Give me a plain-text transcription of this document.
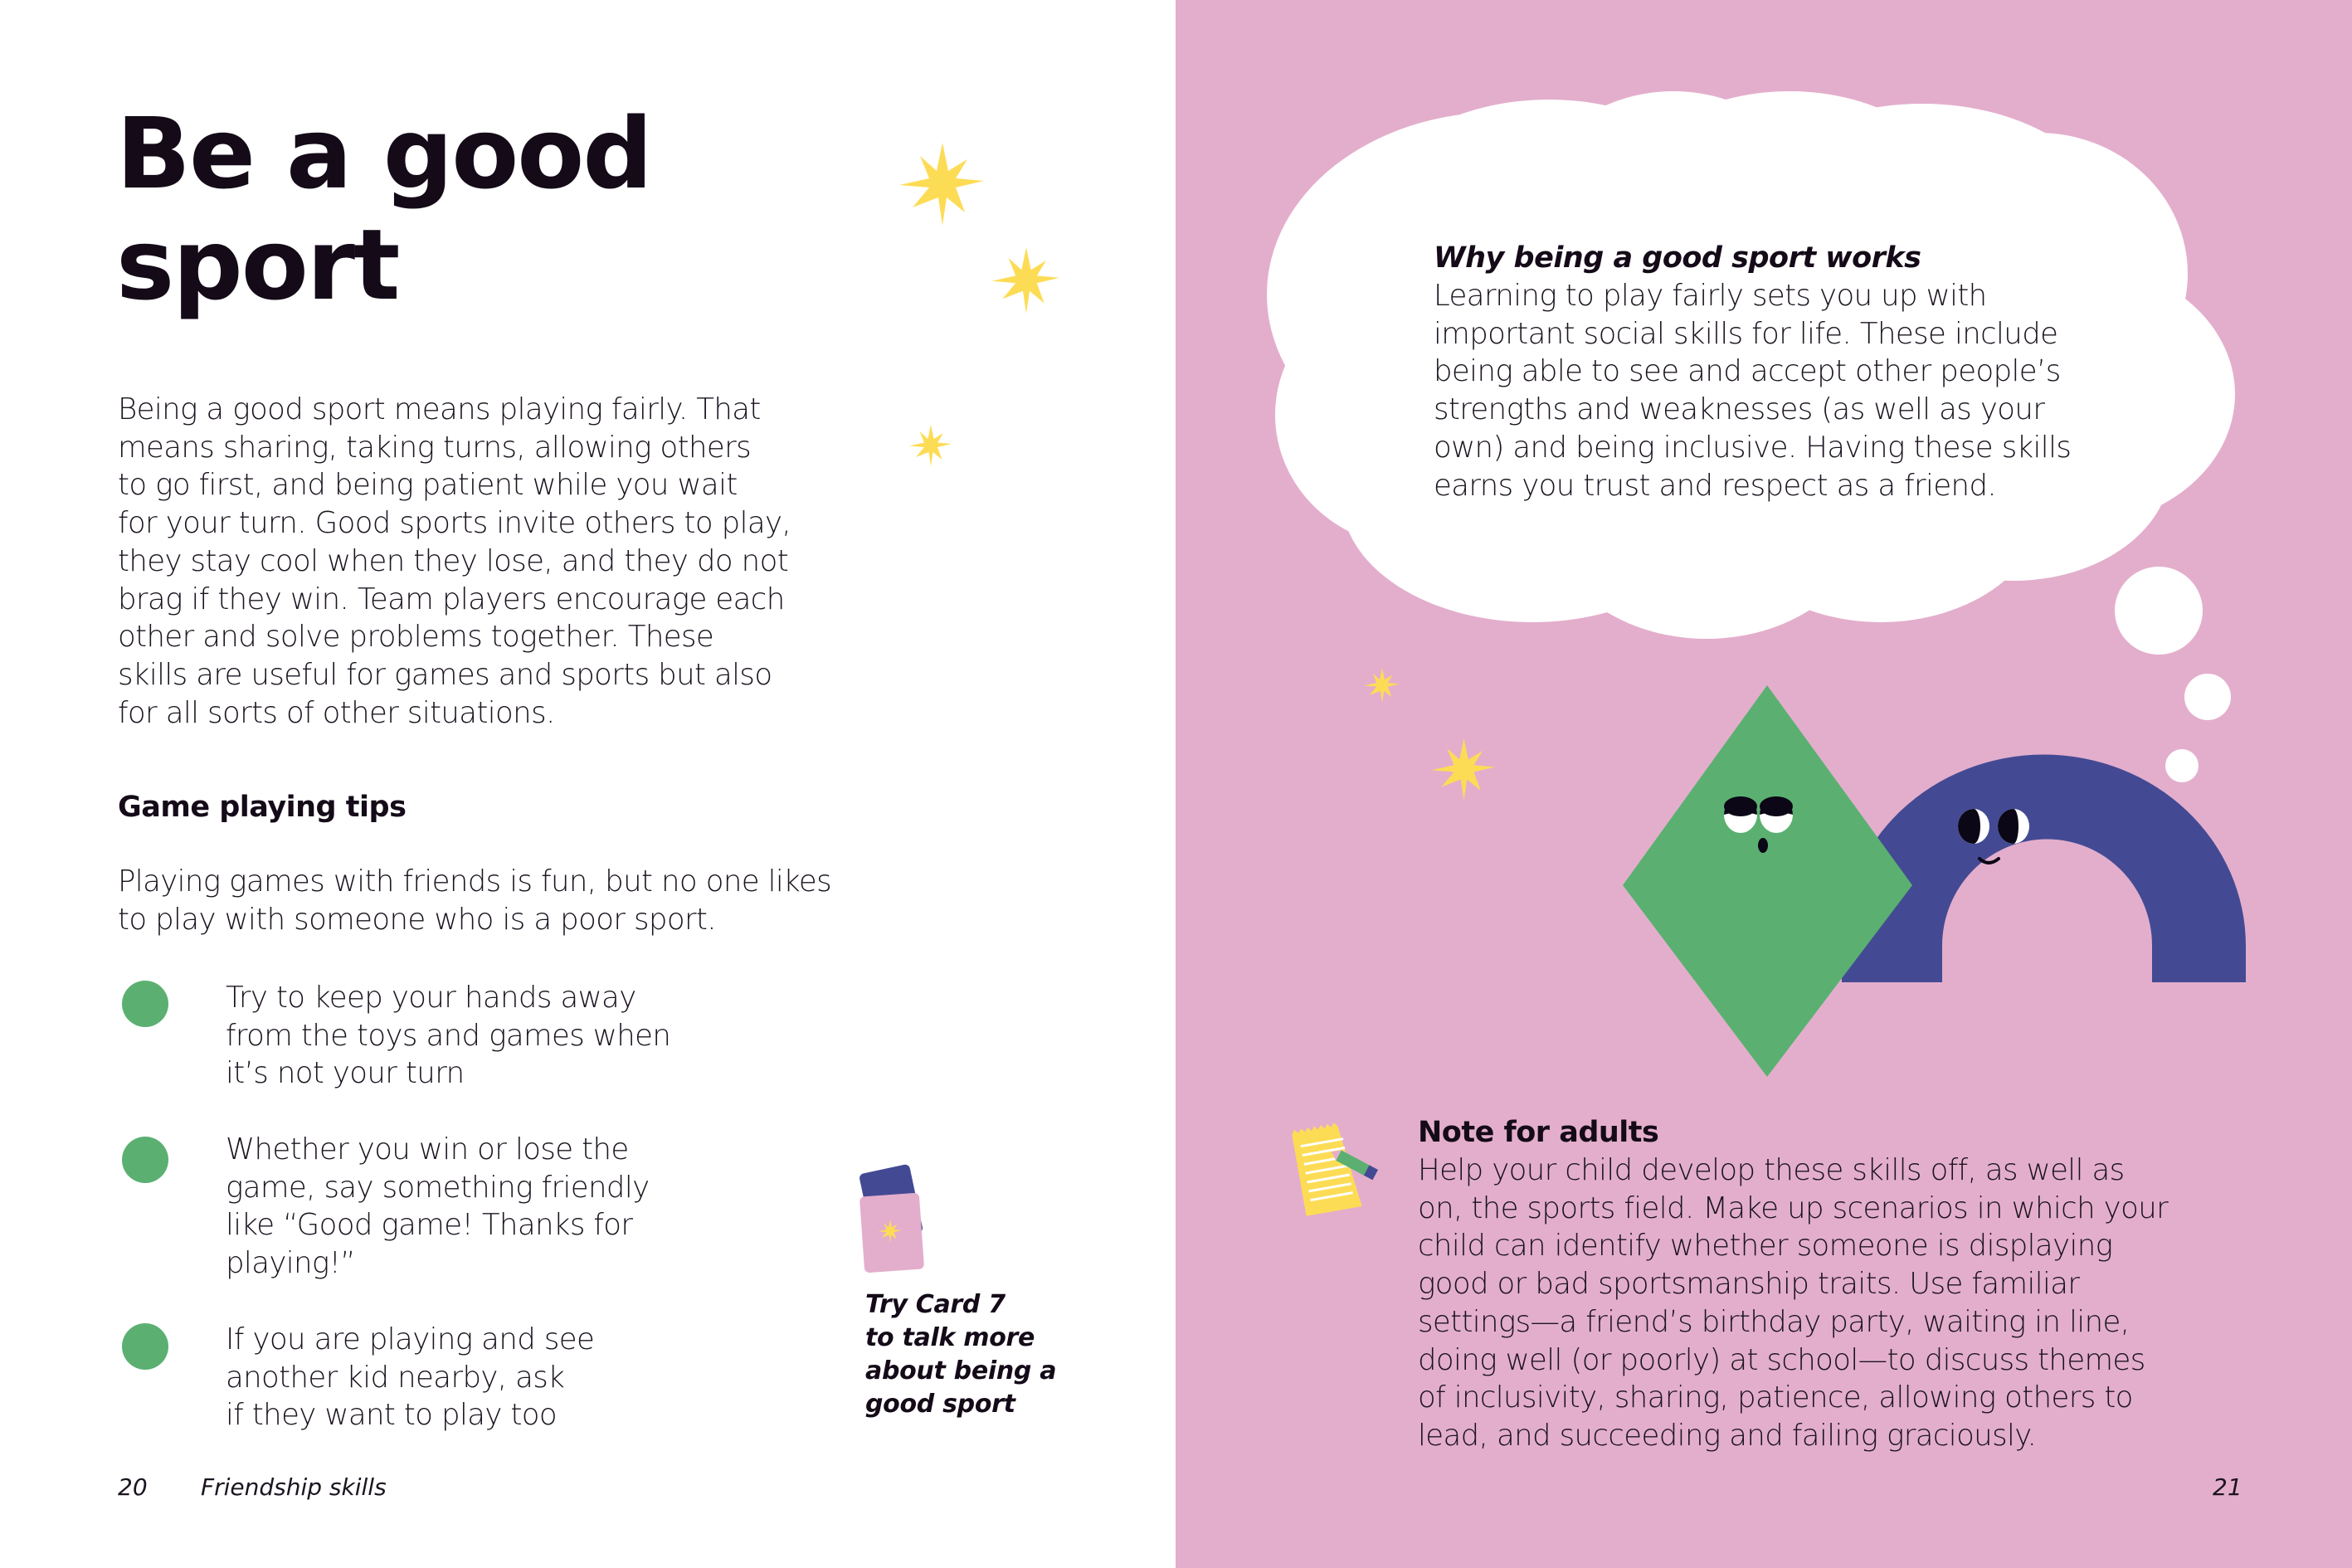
Be a good
sport
Being a good sport means playing fairly. That
means sharing, taking turns, allowing others
to go first, and being patient while you wait
for your turn. Good sports invite others to play,
they stay cool when they lose, and they do not
brag if they win. Team players encourage each
other and solve problems together. These
skills are useful for games and sports but also
for all sorts of other situations.
Game playing tips
Playing games with friends is fun, but no one likes
to play with someone who is a poor sport.
Try to keep your hands away
from the toys and games when
it’s not your turn
Whether you win or lose the
game, say something friendly
like “Good game! Thanks for
playing!”
If you are playing and see
another kid nearby, ask
if they want to play too
Try Card 7
to talk more
about being a
good sport
20 Friendship skills
Why being a good sport works
Learning to play fairly sets you up with
important social skills for life. These include
being able to see and accept other people’s
strengths and weaknesses (as well as your
own) and being inclusive. Having these skills
earns you trust and respect as a friend.
Note for adults
Help your child develop these skills off, as well as
on, the sports field. Make up scenarios in which your
child can identify whether someone is displaying
good or bad sportsmanship traits. Use familiar
settings—a friend’s birthday party, waiting in line,
doing well (or poorly) at school—to discuss themes
of inclusivity, sharing, patience, allowing others to
lead, and succeeding and failing graciously.
21
